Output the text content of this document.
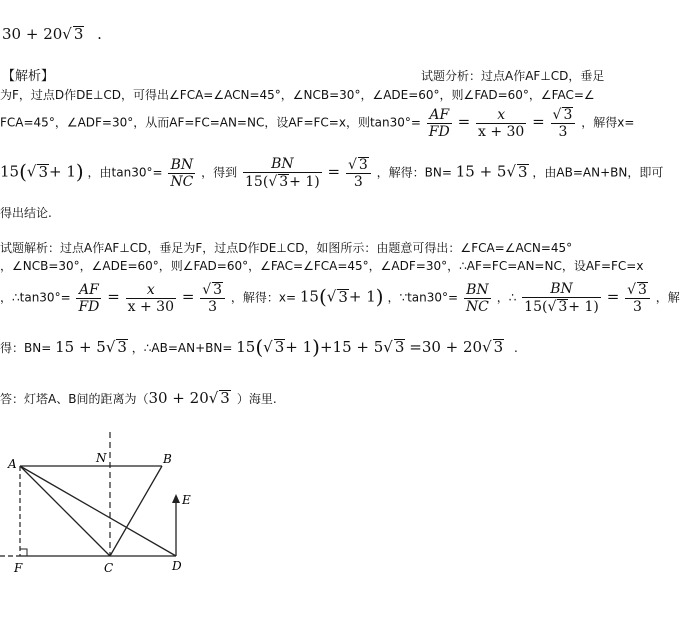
30 + 20√ 3 .
【解析】	试题分析：过点A作AF⊥CD，垂足
为F，过点D作DE⊥CD，可得出∠FCA=∠ACN=45°，∠NCB=30°，∠ADE=60°，则∠FAD=60°，∠FAC=∠
FCA=45°，∠ADF=30°，从而AF=FC=AN=NC，设AF=FC=x，则$\tan 30^\circ= \frac{AF}{FD} = \frac{x}{x + 30} = \frac{√ 3}{3}$ ，解得x=
15(√ 3+ 1) ，由$\tan 30^\circ= \frac{BN}{NC}$ ，得到 $\frac{BN}{15(√ 3+ 1)} = \frac{√ 3}{3}$ ，解得：BN= 15 + 5√ 3 ，由AB=AN+BN，即可
得出结论.
试题解析：过点A作AF⊥CD，垂足为F，过点D作DE⊥CD，如图所示：由题意可得出：∠FCA=∠ACN=45°
，∠NCB=30°，∠ADE=60°，则∠FAD=60°，∠FAC=∠FCA=45°，∠ADF=30°，∴AF=FC=AN=NC，设AF=FC=x
，∴tan30°= $\frac{AF}{FD} = \frac{x}{x + 30} = \frac{√ 3}{3}$ ，解得：x= 15(√ 3+ 1) ，∵tan30°= $\frac{BN}{NC}$ ，∴ $\frac{BN}{15(√ 3+ 1)} = \frac{√ 3}{3}$ ，解
得：BN= 15 + 5√ 3 ，∴AB=AN+BN= 15(√ 3+ 1)+15 + 5√ 3 =30 + 20√ 3 .
答：灯塔A、B间的距离为（30 + 20√ 3 ）海里.
A	N	B
E
F	C	D
